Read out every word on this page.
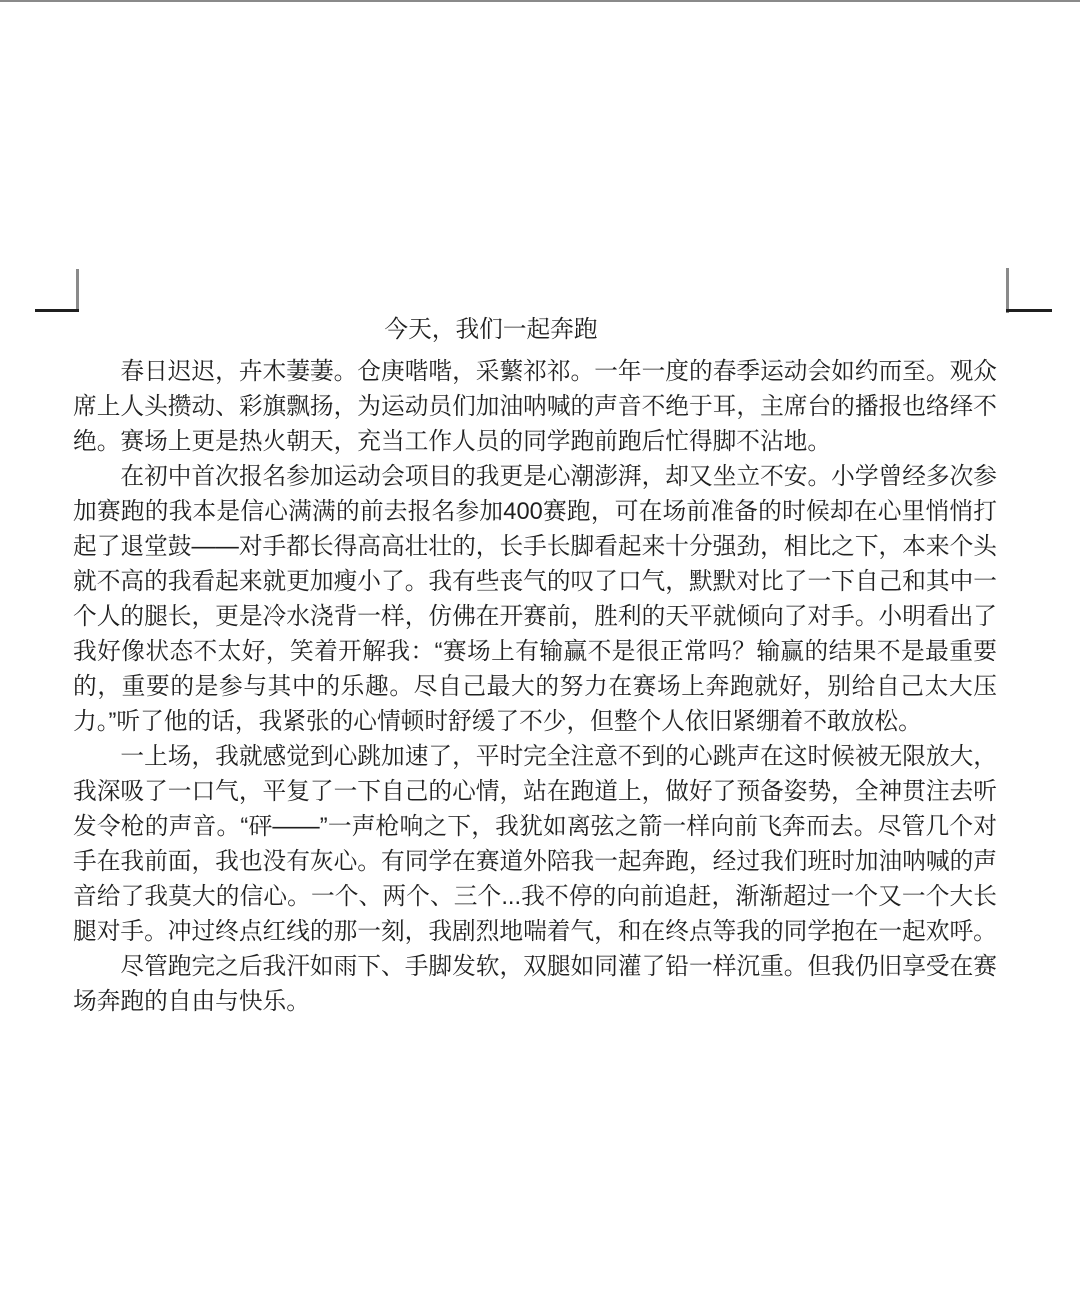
今天，我们一起奔跑

春日迟迟，卉木萋萋。仓庚喈喈，采蘩祁祁。一年一度的春季运动会如约而至。观众席上人头攒动、彩旗飘扬，为运动员们加油呐喊的声音不绝于耳，主席台的播报也络绎不绝。赛场上更是热火朝天，充当工作人员的同学跑前跑后忙得脚不沾地。

在初中首次报名参加运动会项目的我更是心潮澎湃，却又坐立不安。小学曾经多次参加赛跑的我本是信心满满的前去报名参加400赛跑，可在场前准备的时候却在心里悄悄打起了退堂鼓——对手都长得高高壮壮的，长手长脚看起来十分强劲，相比之下，本来个头就不高的我看起来就更加瘦小了。我有些丧气的叹了口气，默默对比了一下自己和其中一个人的腿长，更是冷水浇背一样，仿佛在开赛前，胜利的天平就倾向了对手。小明看出了我好像状态不太好，笑着开解我：“赛场上有输赢不是很正常吗？输赢的结果不是最重要的，重要的是参与其中的乐趣。尽自己最大的努力在赛场上奔跑就好，别给自己太大压力。”听了他的话，我紧张的心情顿时舒缓了不少，但整个人依旧紧绷着不敢放松。

一上场，我就感觉到心跳加速了，平时完全注意不到的心跳声在这时候被无限放大，我深吸了一口气，平复了一下自己的心情，站在跑道上，做好了预备姿势，全神贯注去听发令枪的声音。“砰——”一声枪响之下，我犹如离弦之箭一样向前飞奔而去。尽管几个对手在我前面，我也没有灰心。有同学在赛道外陪我一起奔跑，经过我们班时加油呐喊的声音给了我莫大的信心。一个、两个、三个...我不停的向前追赶，渐渐超过一个又一个大长腿对手。冲过终点红线的那一刻，我剧烈地喘着气，和在终点等我的同学抱在一起欢呼。

尽管跑完之后我汗如雨下、手脚发软，双腿如同灌了铅一样沉重。但我仍旧享受在赛场奔跑的自由与快乐。
